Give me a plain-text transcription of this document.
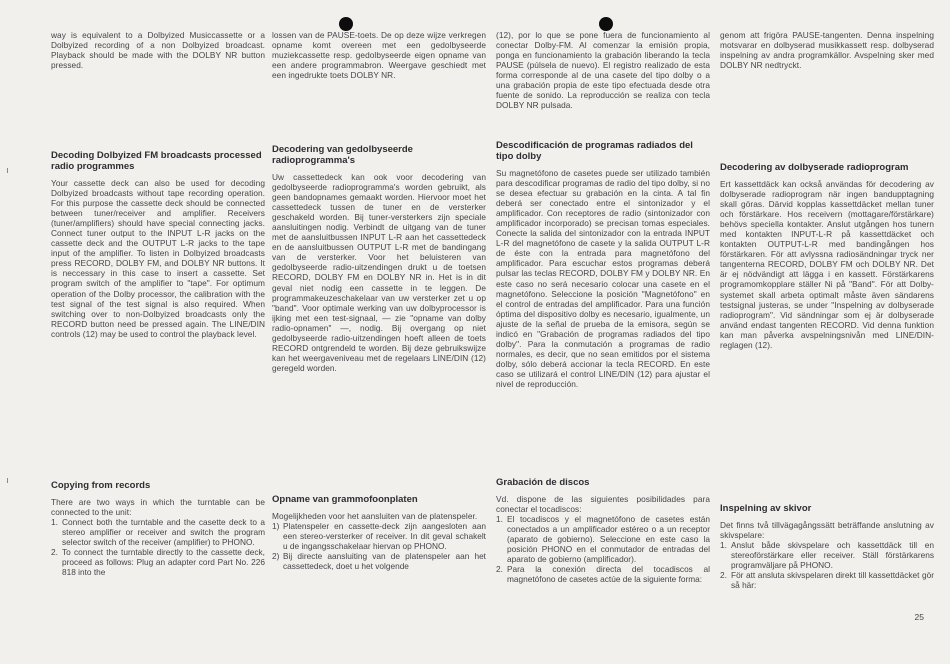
way is equivalent to a Dolbyized Musiccassette or a Dolbyized recording of a non Dolbyized broadcast. Playback should be made with the DOLBY NR button pressed.

Decoding Dolbyized FM broadcasts processed radio programmes

Your cassette deck can also be used for decoding Dolbyized broadcasts without tape recording operation. For this purpose the cassette deck should be connected between tuner/receiver and amplifier. Receivers (tuner/amplifiers) should have special connecting jacks. Connect tuner output to the INPUT L-R jacks on the cassette deck and the OUTPUT L-R jacks to the tape input of the amplifier. To listen in Dolbyized broadcasts press RECORD, DOLBY FM, and DOLBY NR buttons. It is neccessary in this case to insert a cassette. Set program switch of the amplifier to "tape". For optimum operation of the Dolby processor, the calibration with the test signal of the test signal is also required. When switching over to non-Dolbyized broadcasts only the RECORD button need be pressed again. The LINE/DIN controls (12) may be used to control the playback level.

Copying from records

There are two ways in which the turntable can be connected to the unit:

1. Connect both the turntable and the casette deck to a stereo amplifier or receiver and switch the program selector switch of the receiver (amplifier) to PHONO.
2. To connect the turntable directly to the cassette deck, proceed as follows: Plug an adapter cord Part No. 226 818 into the

lossen van de PAUSE-toets. De op deze wijze verkregen opname komt overeen met een gedolbyseerde muziekcassette resp. gedolbyseerde eigen opname van een andere programmabron. Weergave geschiedt met een ingedrukte toets DOLBY NR.

Decodering van gedolbyseerde radioprogramma's

Uw cassettedeck kan ook voor decodering van gedolbyseerde radioprogramma's worden gebruikt, als geen bandopnames gemaakt worden. Hiervoor moet het cassettedeck tussen de tuner en de versterker geschakeld worden. Bij tuner-versterkers zijn speciale aansluitingen nodig. Verbindt de uitgang van de tuner met de aansluitbussen INPUT L-R aan het cassettedeck en de aansluitbussen OUTPUT L-R met de bandingang van de versterker. Voor het beluisteren van gedolbyseerde radio-uitzendingen drukt u de toetsen RECORD, DOLBY FM en DOLBY NR in. Het is in dit geval niet nodig een cassette in te leggen. De programmakeuzeschakelaar van uw versterker zet u op "band". Voor optimale werking van uw dolbyprocessor is ijking met een test-signaal, — zie "opname van dolby radio-opnamen" —, nodig. Bij overgang op niet gedolbyseerde radio-uitzendingen hoeft alleen de toets RECORD ontgrendeld te worden. Bij deze gebruikswijze kan het weergaveniveau met de regelaars LINE/DIN (12) geregeld worden.

Opname van grammofoonplaten

Mogelijkheden voor het aansluiten van de platenspeler.

1) Platenspeler en cassette-deck zijn aangesloten aan een stereo-versterker of receiver. In dit geval schakelt u de ingangsschakelaar hiervan op PHONO.
2) Bij directe aansluiting van de platenspeler aan het cassettedeck, doet u het volgende

(12), por lo que se pone fuera de funcionamiento al conectar Dolby-FM. Al comenzar la emisión propia, ponga en funcionamiento la grabación liberando la tecla PAUSE (púlsela de nuevo). El registro realizado de esta forma corresponde al de una casete del tipo dolby o a una grabación propia de este tipo efectuada desde otra fuente de sonido. La reproducción se realiza con tecla DOLBY NR pulsada.

Descodificación de programas radiados del tipo dolby

Su magnetófono de casetes puede ser utilizado también para descodificar programas de radio del tipo dolby, si no se desea efectuar su grabación en la cinta. A tal fin deberá ser conectado entre el sintonizador y el amplificador. Con receptores de radio (sintonizador con amplificador incorporado) se precisan tomas especiales. Conecte la salida del sintonizador con la entrada INPUT L-R del magnetófono de casete y la salida OUTPUT L-R de éste con la entrada para magnetófono del amplificador. Para escuchar estos programas deberá pulsar las teclas RECORD, DOLBY FM y DOLBY NR. En este caso no será necesario colocar una casete en el magnetófono. Seleccione la posición "Magnetófono" en el control de entradas del amplificador. Para una función óptima del dispositivo dolby es necesario, igualmente, un ajuste de la señal de prueba de la emisora, según se indicó en "Grabación de programas radiados del tipo dolby". Para la conmutación a programas de radio normales, es decir, que no sean emitidos por el sistema dolby, sólo deberá accionar la tecla RECORD. En este caso se utilizará el control LINE/DIN (12) para ajustar el nivel de reproducción.

Grabación de discos

Vd. dispone de las siguientes posibilidades para conectar el tocadiscos:

1. El tocadiscos y el magnetófono de casetes están conectados a un amplificador estéreo o a un receptor (aparato de gobierno). Seleccione en este caso la posición PHONO en el conmutador de entradas del aparato de gobierno (amplificador).
2. Para la conexión directa del tocadiscos al magnetófono de casetes actúe de la siguiente forma:

genom att frigöra PAUSE-tangenten. Denna inspelning motsvarar en dolbyserad musikkassett resp. dolbyserad inspelning av andra programkällor. Avspelning sker med DOLBY NR nedtryckt.

Decodering av dolbyserade radioprogram

Ert kassettdäck kan också användas för decodering av dolbyserade radioprogram när ingen bandupptagning skall göras. Därvid kopplas kassettdäcket mellan tuner och förstärkare. Hos receivern (mottagare/förstärkare) behövs speciella kontakter. Anslut utgången hos tunern med kontakten INPUT-L-R på kassettdäcket och kontakten OUTPUT-L-R med bandingången hos förstärkaren. För att avlyssna radiosändningar tryck ner tangenterna RECORD, DOLBY FM och DOLBY NR. Det är ej nödvändigt att lägga i en kassett. Förstärkarens programomkopplare ställer Ni på "Band". För att Dolby-systemet skall arbeta optimalt måste även sändarens testsignal justeras, se under "Inspelning av dolbyserade radioprogram". Vid sändningar som ej är dolbyserade använd endast tangenten RECORD. Vid denna funktion kan man påverka avspelningsnivån med LINE/DIN-reglagen (12).

Inspelning av skivor

Det finns två tillvägagångssätt beträffande anslutning av skivspelare:

1. Anslut både skivspelare och kassettdäck till en stereoförstärkare eller receiver. Ställ förstärkarens programväljare på PHONO.
2. För att ansluta skivspelaren direkt till kassettdäcket gör så här:
25
